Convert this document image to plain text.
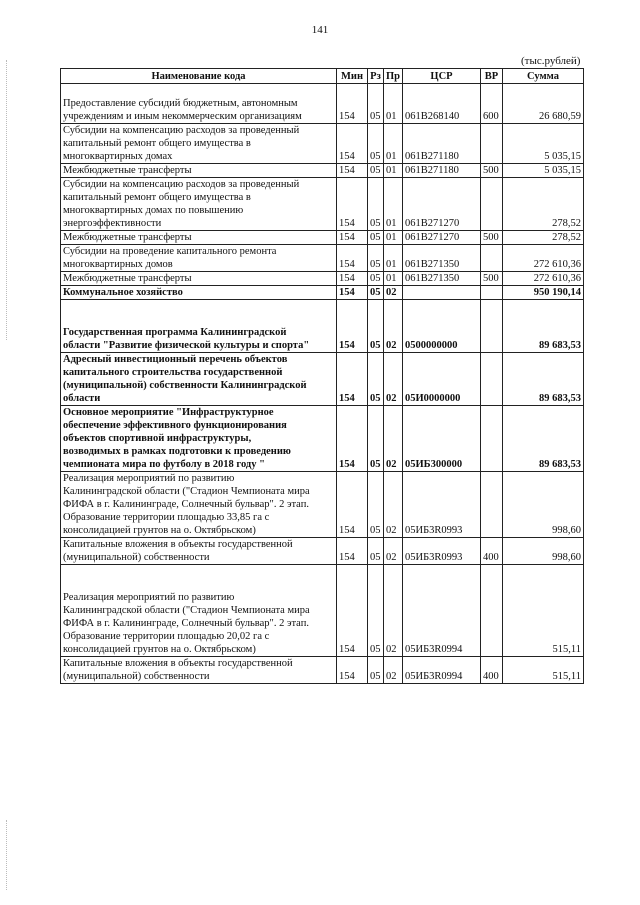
141
(тыс.рублей)
Наименование кода	Мин	Рз	Пр	ЦСР	ВР	Сумма

Предоставление субсидий бюджетным, автономным
учреждениям и иным некоммерческим организациям	154	05	01	061В268140	600	26 680,59

Субсидии на компенсацию расходов за проведенный
капитальный ремонт общего имущества в
многоквартирных домах	154	05	01	061В271180		5 035,15

Межбюджетные трансферты	154	05	01	061В271180	500	5 035,15

Субсидии на компенсацию расходов за проведенный
капитальный ремонт общего имущества в
многоквартирных домах по повышению
энергоэффективности	154	05	01	061В271270		278,52

Межбюджетные трансферты	154	05	01	061В271270	500	278,52

Субсидии на проведение капитального ремонта
многоквартирных домов	154	05	01	061В271350		272 610,36

Межбюджетные трансферты	154	05	01	061В271350	500	272 610,36

Коммунальное хозяйство	154	05	02			950 190,14

Государственная программа Калининградской
области "Развитие физической культуры и спорта"	154	05	02	0500000000		89 683,53

Адресный инвестиционный перечень объектов
капитального строительства государственной
(муниципальной) собственности Калининградской
области	154	05	02	05И0000000		89 683,53

Основное мероприятие "Инфраструктурное
обеспечение эффективного функционирования
объектов спортивной инфраструктуры,
возводимых в рамках подготовки к проведению
чемпионата мира по футболу в 2018 году "	154	05	02	05ИБ300000		89 683,53

Реализация мероприятий по развитию
Калининградской области ("Стадион Чемпионата мира
ФИФА в г. Калининграде, Солнечный бульвар". 2 этап.
Образование территории площадью 33,85 га с
консолидацией грунтов на о. Октябрьском)	154	05	02	05ИБ3R0993		998,60

Капитальные вложения в объекты государственной
(муниципальной) собственности	154	05	02	05ИБ3R0993	400	998,60

Реализация мероприятий по развитию
Калининградской области ("Стадион Чемпионата мира
ФИФА в г. Калининграде, Солнечный бульвар". 2 этап.
Образование территории площадью 20,02 га с
консолидацией грунтов на о. Октябрьском)	154	05	02	05ИБ3R0994		515,11

Капитальные вложения в объекты государственной
(муниципальной) собственности	154	05	02	05ИБ3R0994	400	515,11
